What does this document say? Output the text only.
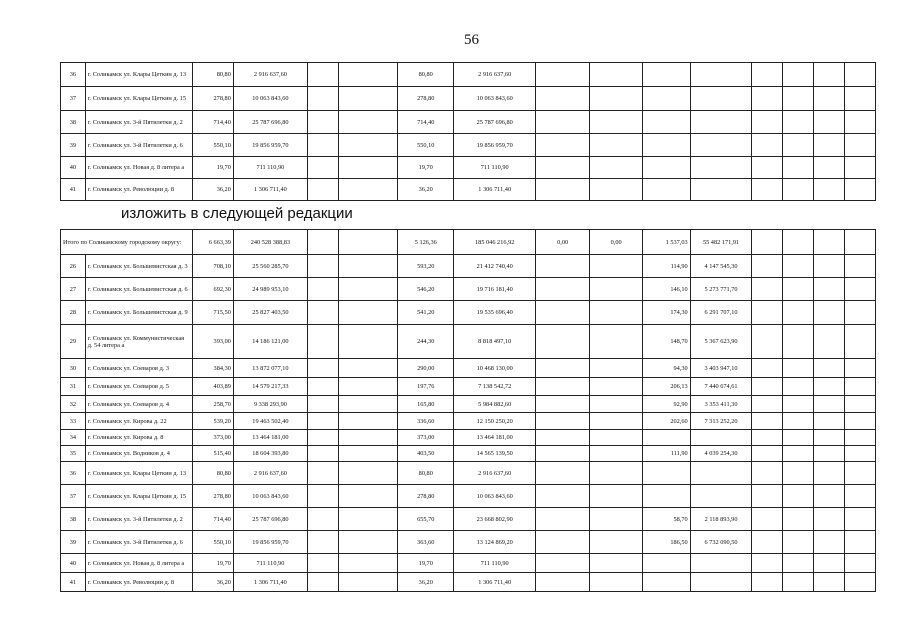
56
36	г. Соликамск ул. Клары Цеткин д. 13	80,80	2 916 637,60			80,80	2 916 637,60								
37	г. Соликамск ул. Клары Цеткин д. 15	278,80	10 063 843,60			278,80	10 063 843,60								
38	г. Соликамск ул. 3-й Пятилетки д. 2	714,40	25 787 696,80			714,40	25 787 696,80								
39	г. Соликамск ул. 3-й Пятилетки д. 6	550,10	19 856 959,70			550,10	19 856 959,70								
40	г. Соликамск ул. Новая д. 8 литера а	19,70	711 110,90			19,70	711 110,90								
41	г. Соликамск ул. Революции д. 8	36,20	1 306 711,40			36,20	1 306 711,40								
изложить в следующей редакции
Итого по Соликамскому городскому округу:		6 663,39	240 528 388,83			5 126,36	185 046 216,92	0,00	0,00	1 537,03	55 482 171,91				
26	г. Соликамск ул. Большевистская д. 3	708,10	25 560 285,70			593,20	21 412 740,40			114,90	4 147 545,30				
27	г. Соликамск ул. Большевистская д. 6	692,30	24 989 953,10			546,20	19 716 181,40			146,10	5 273 771,70				
28	г. Соликамск ул. Большевистская д. 9	715,50	25 827 403,50			541,20	19 535 696,40			174,30	6 291 707,10				
29	г. Соликамск ул. Коммунистическая д. 54 литера а	393,00	14 186 121,00			244,30	8 818 497,10			148,70	5 367 623,90				
30	г. Соликамск ул. Соеваров д. 3	384,30	13 872 077,10			290,00	10 468 130,00			94,30	3 403 947,10				
31	г. Соликамск ул. Соеваров д. 5	403,89	14 579 217,33			197,76	7 138 542,72			206,13	7 440 674,61				
32	г. Соликамск ул. Соеваров д. 4	258,70	9 338 293,90			165,80	5 984 882,60			92,90	3 353 411,30				
33	г. Соликамск ул. Кирова д. 22	539,20	19 463 502,40			336,60	12 150 250,20			202,60	7 313 252,20				
34	г. Соликамск ул. Кирова д. 8	373,00	13 464 181,00			373,00	13 464 181,00								
35	г. Соликамск ул. Водников д. 4	515,40	18 604 393,80			403,50	14 565 139,50			111,90	4 039 254,30				
36	г. Соликамск ул. Клары Цеткин д. 13	80,80	2 916 637,60			80,80	2 916 637,60								
37	г. Соликамск ул. Клары Цеткин д. 15	278,80	10 063 843,60			278,80	10 063 843,60								
38	г. Соликамск ул. 3-й Пятилетки д. 2	714,40	25 787 696,80			655,70	23 668 802,90			58,70	2 118 893,90				
39	г. Соликамск ул. 3-й Пятилетки д. 6	550,10	19 856 959,70			363,60	13 124 869,20			186,50	6 732 090,50				
40	г. Соликамск ул. Новая д. 8 литера а	19,70	711 110,90			19,70	711 110,90								
41	г. Соликамск ул. Революции д. 8	36,20	1 306 711,40			36,20	1 306 711,40								
